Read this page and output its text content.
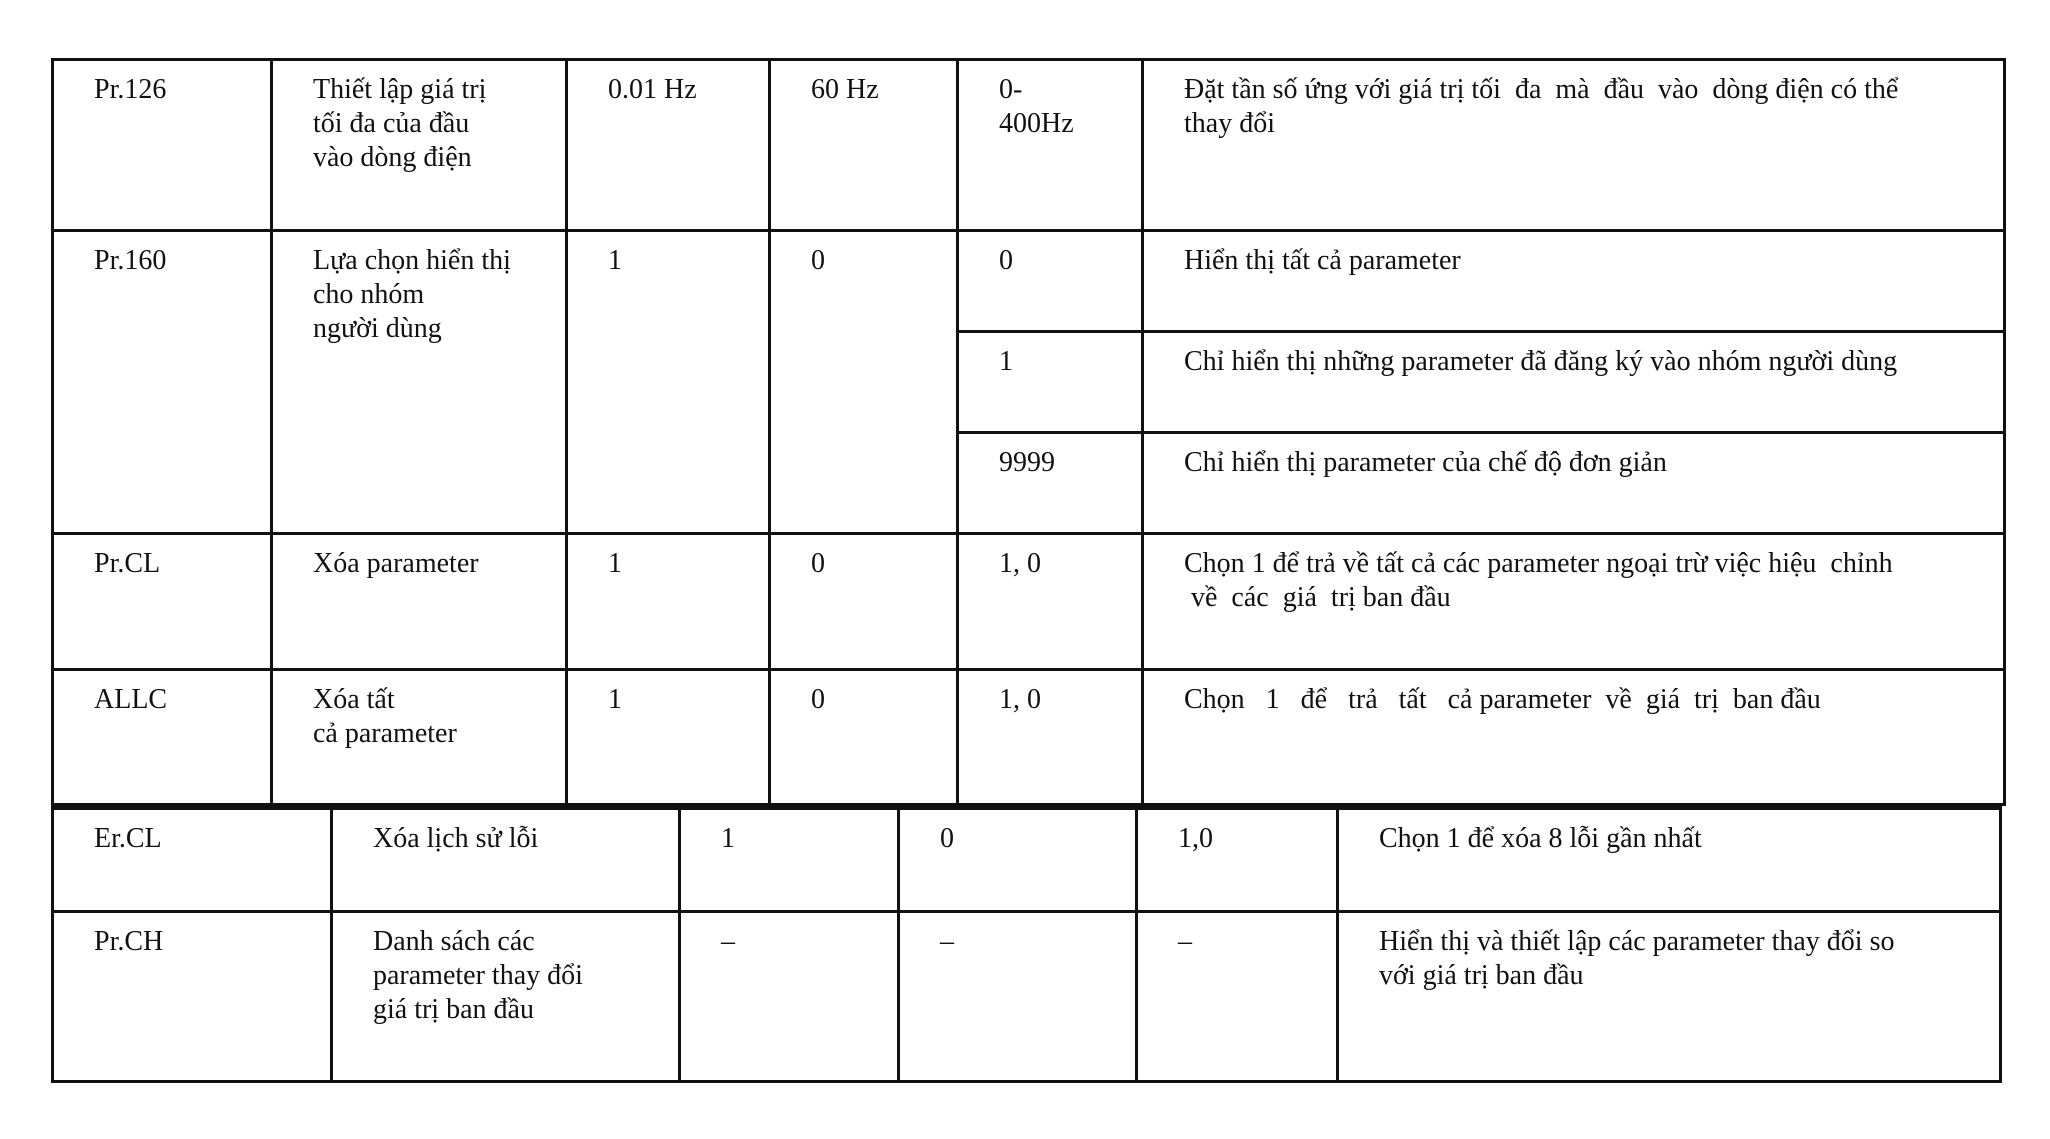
Pr.126	Thiết lập giá trị
tối đa của đầu
vào dòng điện	0.01 Hz	60 Hz	0-
400Hz	Đặt tần số ứng với giá trị tối  đa  mà  đầu  vào  dòng điện có thể
thay đổi

Pr.160	Lựa chọn hiển thị
cho nhóm
người dùng	1	0	0	Hiển thị tất cả parameter
				1	Chỉ hiển thị những parameter đã đăng ký vào nhóm người dùng
				9999	Chỉ hiển thị parameter của chế độ đơn giản
Pr.CL	Xóa parameter	1	0	1, 0	Chọn 1 để trả về tất cả các parameter ngoại trừ việc hiệu  chỉnh
về  các  giá  trị ban đầu

ALLC	Xóa tất
cả parameter	1	0	1, 0	Chọn   1   để   trả   tất   cả parameter  về  giá  trị  ban đầu
Er.CL	Xóa lịch sử lỗi	1	0	1,0	Chọn 1 để xóa 8 lỗi gần nhất

Pr.CH	Danh sách các
parameter thay đổi
giá trị ban đầu	–	–	–	Hiển thị và thiết lập các parameter thay đổi so
với giá trị ban đầu
